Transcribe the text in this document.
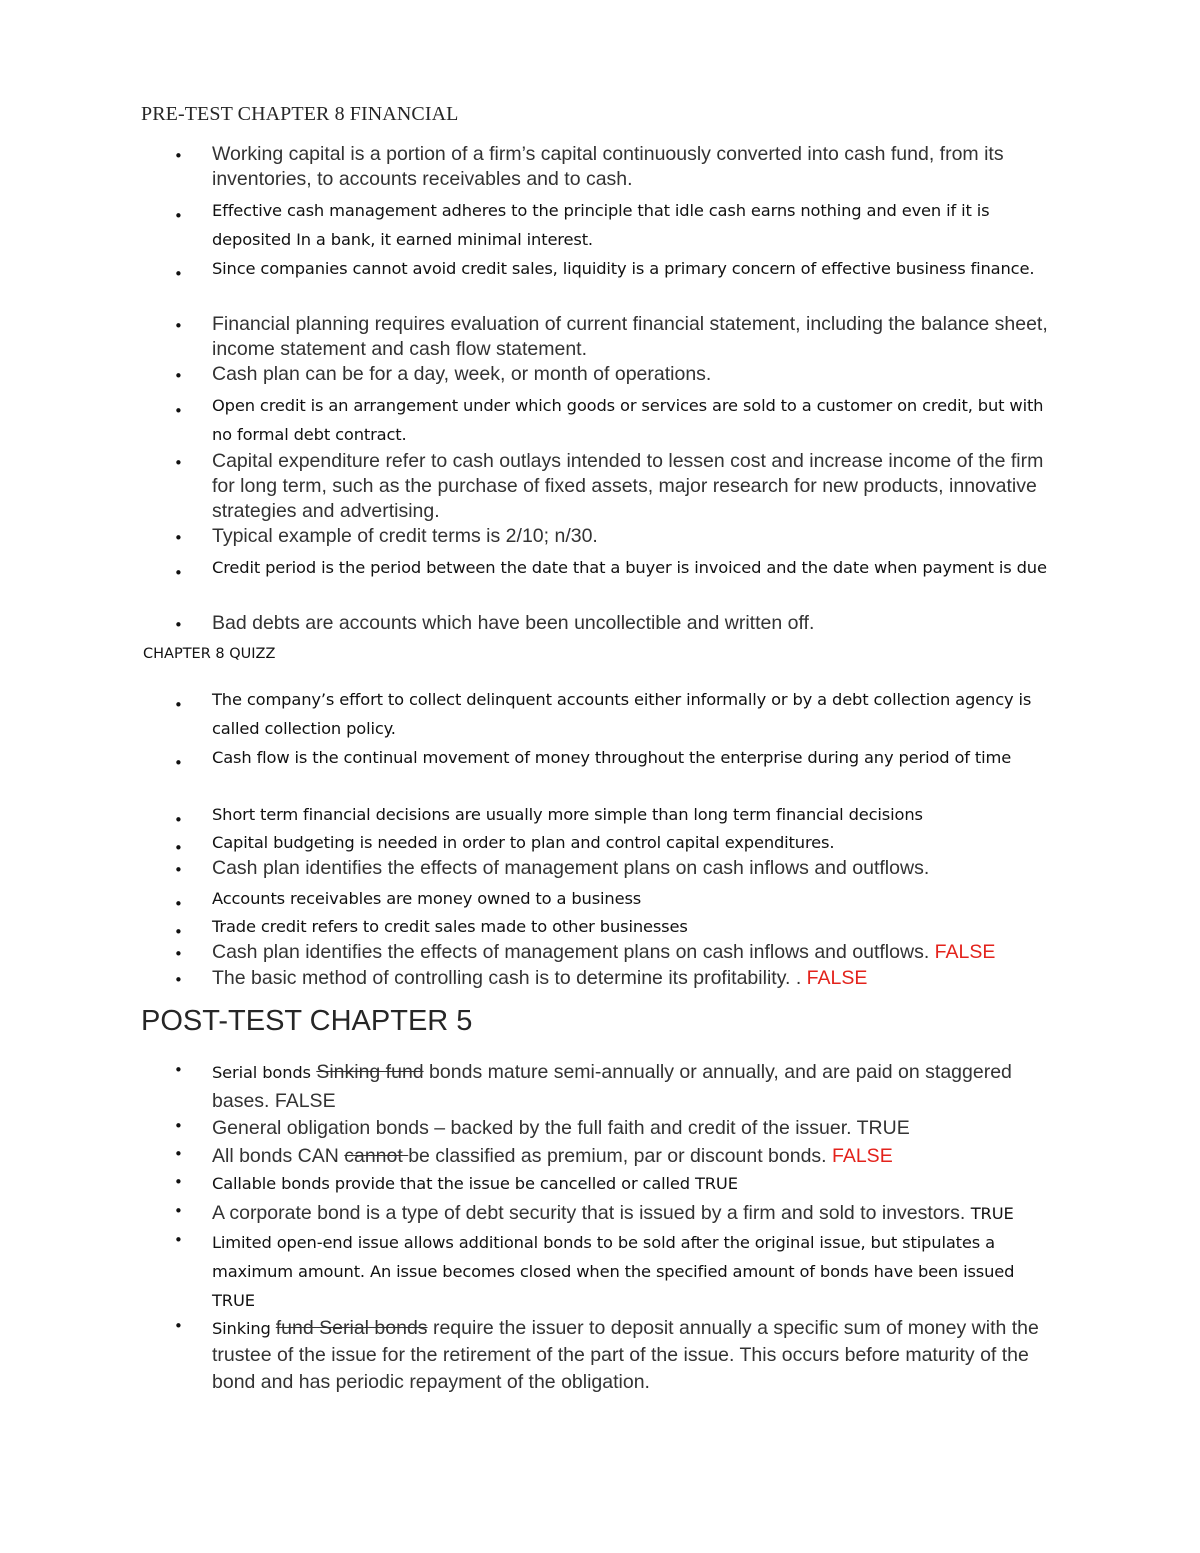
PRE-TEST CHAPTER 8 FINANCIAL
• Working capital is a portion of a firm’s capital continuously converted into cash fund, from its inventories, to accounts receivables and to cash.
• Effective cash management adheres to the principle that idle cash earns nothing and even if it is deposited In a bank, it earned minimal interest.
• Since companies cannot avoid credit sales, liquidity is a primary concern of effective business finance.
• Financial planning requires evaluation of current financial statement, including the balance sheet, income statement and cash flow statement.
• Cash plan can be for a day, week, or month of operations.
• Open credit is an arrangement under which goods or services are sold to a customer on credit, but with no formal debt contract.
• Capital expenditure refer to cash outlays intended to lessen cost and increase income of the firm for long term, such as the purchase of fixed assets, major research for new products, innovative strategies and advertising.
• Typical example of credit terms is 2/10; n/30.
• Credit period is the period between the date that a buyer is invoiced and the date when payment is due
• Bad debts are accounts which have been uncollectible and written off.
CHAPTER 8 QUIZZ
• The company’s effort to collect delinquent accounts either informally or by a debt collection agency is called collection policy.
• Cash flow is the continual movement of money throughout the enterprise during any period of time
• Short term financial decisions are usually more simple than long term financial decisions
• Capital budgeting is needed in order to plan and control capital expenditures.
• Cash plan identifies the effects of management plans on cash inflows and outflows.
• Accounts receivables are money owned to a business
• Trade credit refers to credit sales made to other businesses
• Cash plan identifies the effects of management plans on cash inflows and outflows. FALSE
• The basic method of controlling cash is to determine its profitability. . FALSE
POST-TEST CHAPTER 5
• Serial bonds Sinking fund bonds mature semi-annually or annually, and are paid on staggered bases. FALSE
• General obligation bonds – backed by the full faith and credit of the issuer. TRUE
• All bonds CAN cannot be classified as premium, par or discount bonds. FALSE
• Callable bonds provide that the issue be cancelled or called TRUE
• A corporate bond is a type of debt security that is issued by a firm and sold to investors. TRUE
• Limited open-end issue allows additional bonds to be sold after the original issue, but stipulates a maximum amount. An issue becomes closed when the specified amount of bonds have been issued TRUE
• Sinking fund Serial bonds require the issuer to deposit annually a specific sum of money with the trustee of the issue for the retirement of the part of the issue. This occurs before maturity of the bond and has periodic repayment of the obligation.
